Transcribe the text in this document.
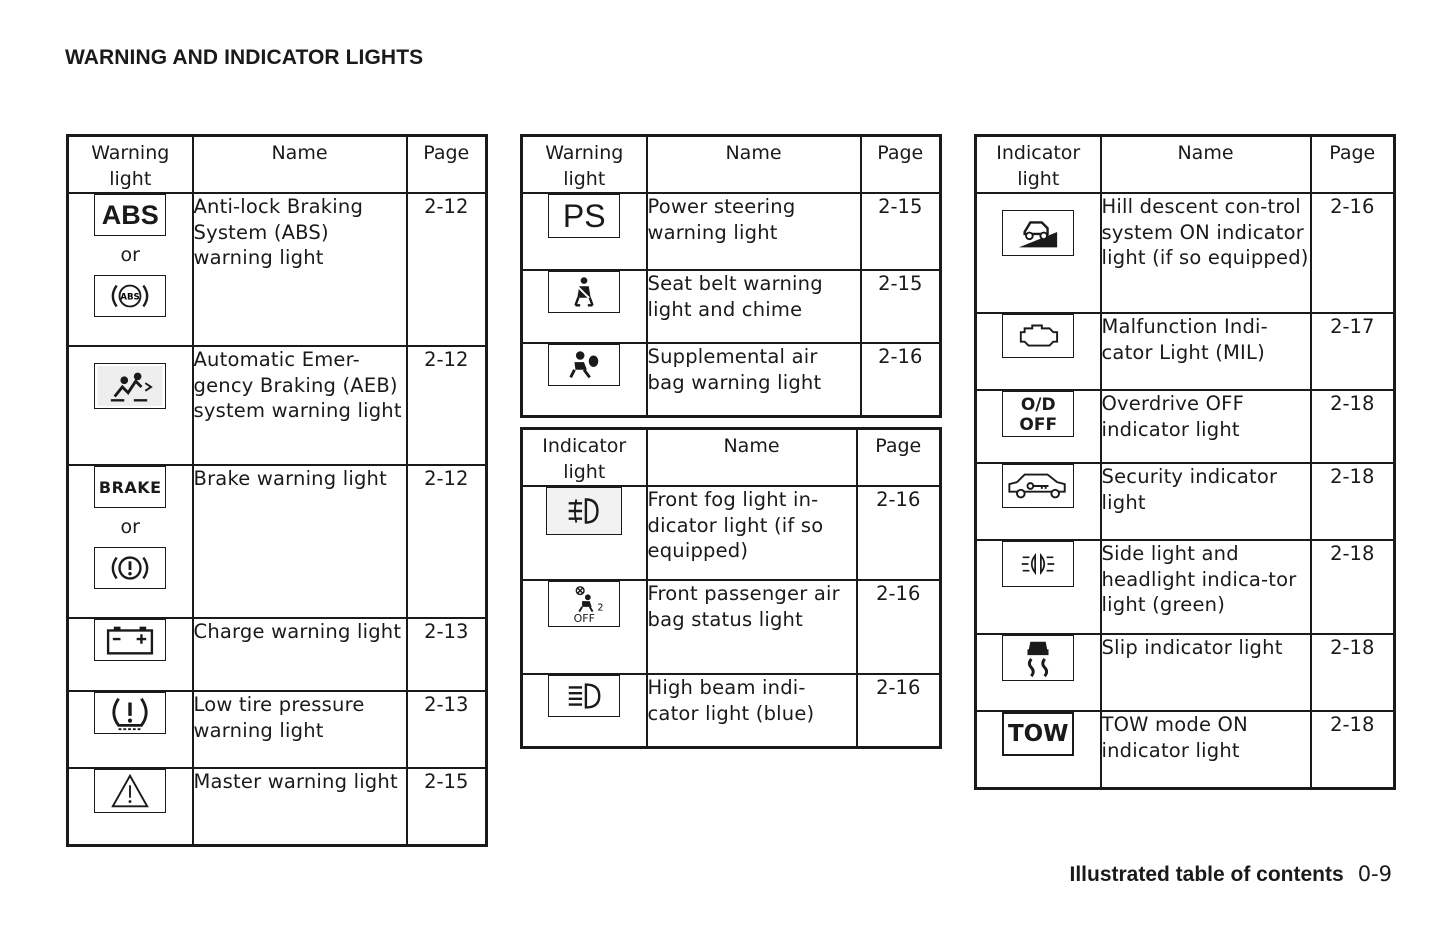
WARNING AND INDICATOR LIGHTS
Warning light	Name	Page

ABS
or
ABS	Anti-lock Braking System (ABS) warning light	2-12

	Automatic Emer-gency Braking (AEB) system warning light	2-12

BRAKE
or	Brake warning light	2-12

	Charge warning light	2-13

	Low tire pressure warning light	2-13

	Master warning light	2-15
Warning light	Name	Page

PS	Power steering warning light	2-15

	Seat belt warning light and chime	2-15

	Supplemental air bag warning light	2-16
Indicator light	Name	Page

	Front fog light in-dicator light (if so equipped)	2-16

2
OFF	Front passenger air bag status light	2-16

	High beam indi-cator light (blue)	2-16
Indicator light	Name	Page

	Hill descent con-trol system ON indicator light (if so equipped)	2-16

	Malfunction Indi-cator Light (MIL)	2-17

O/D
OFF	Overdrive OFF indicator light	2-18

	Security indicator light	2-18

	Side light and headlight indica-tor light (green)	2-18

	Slip indicator light	2-18

TOW	TOW mode ON indicator light	2-18
Illustrated table of contents 0-9
